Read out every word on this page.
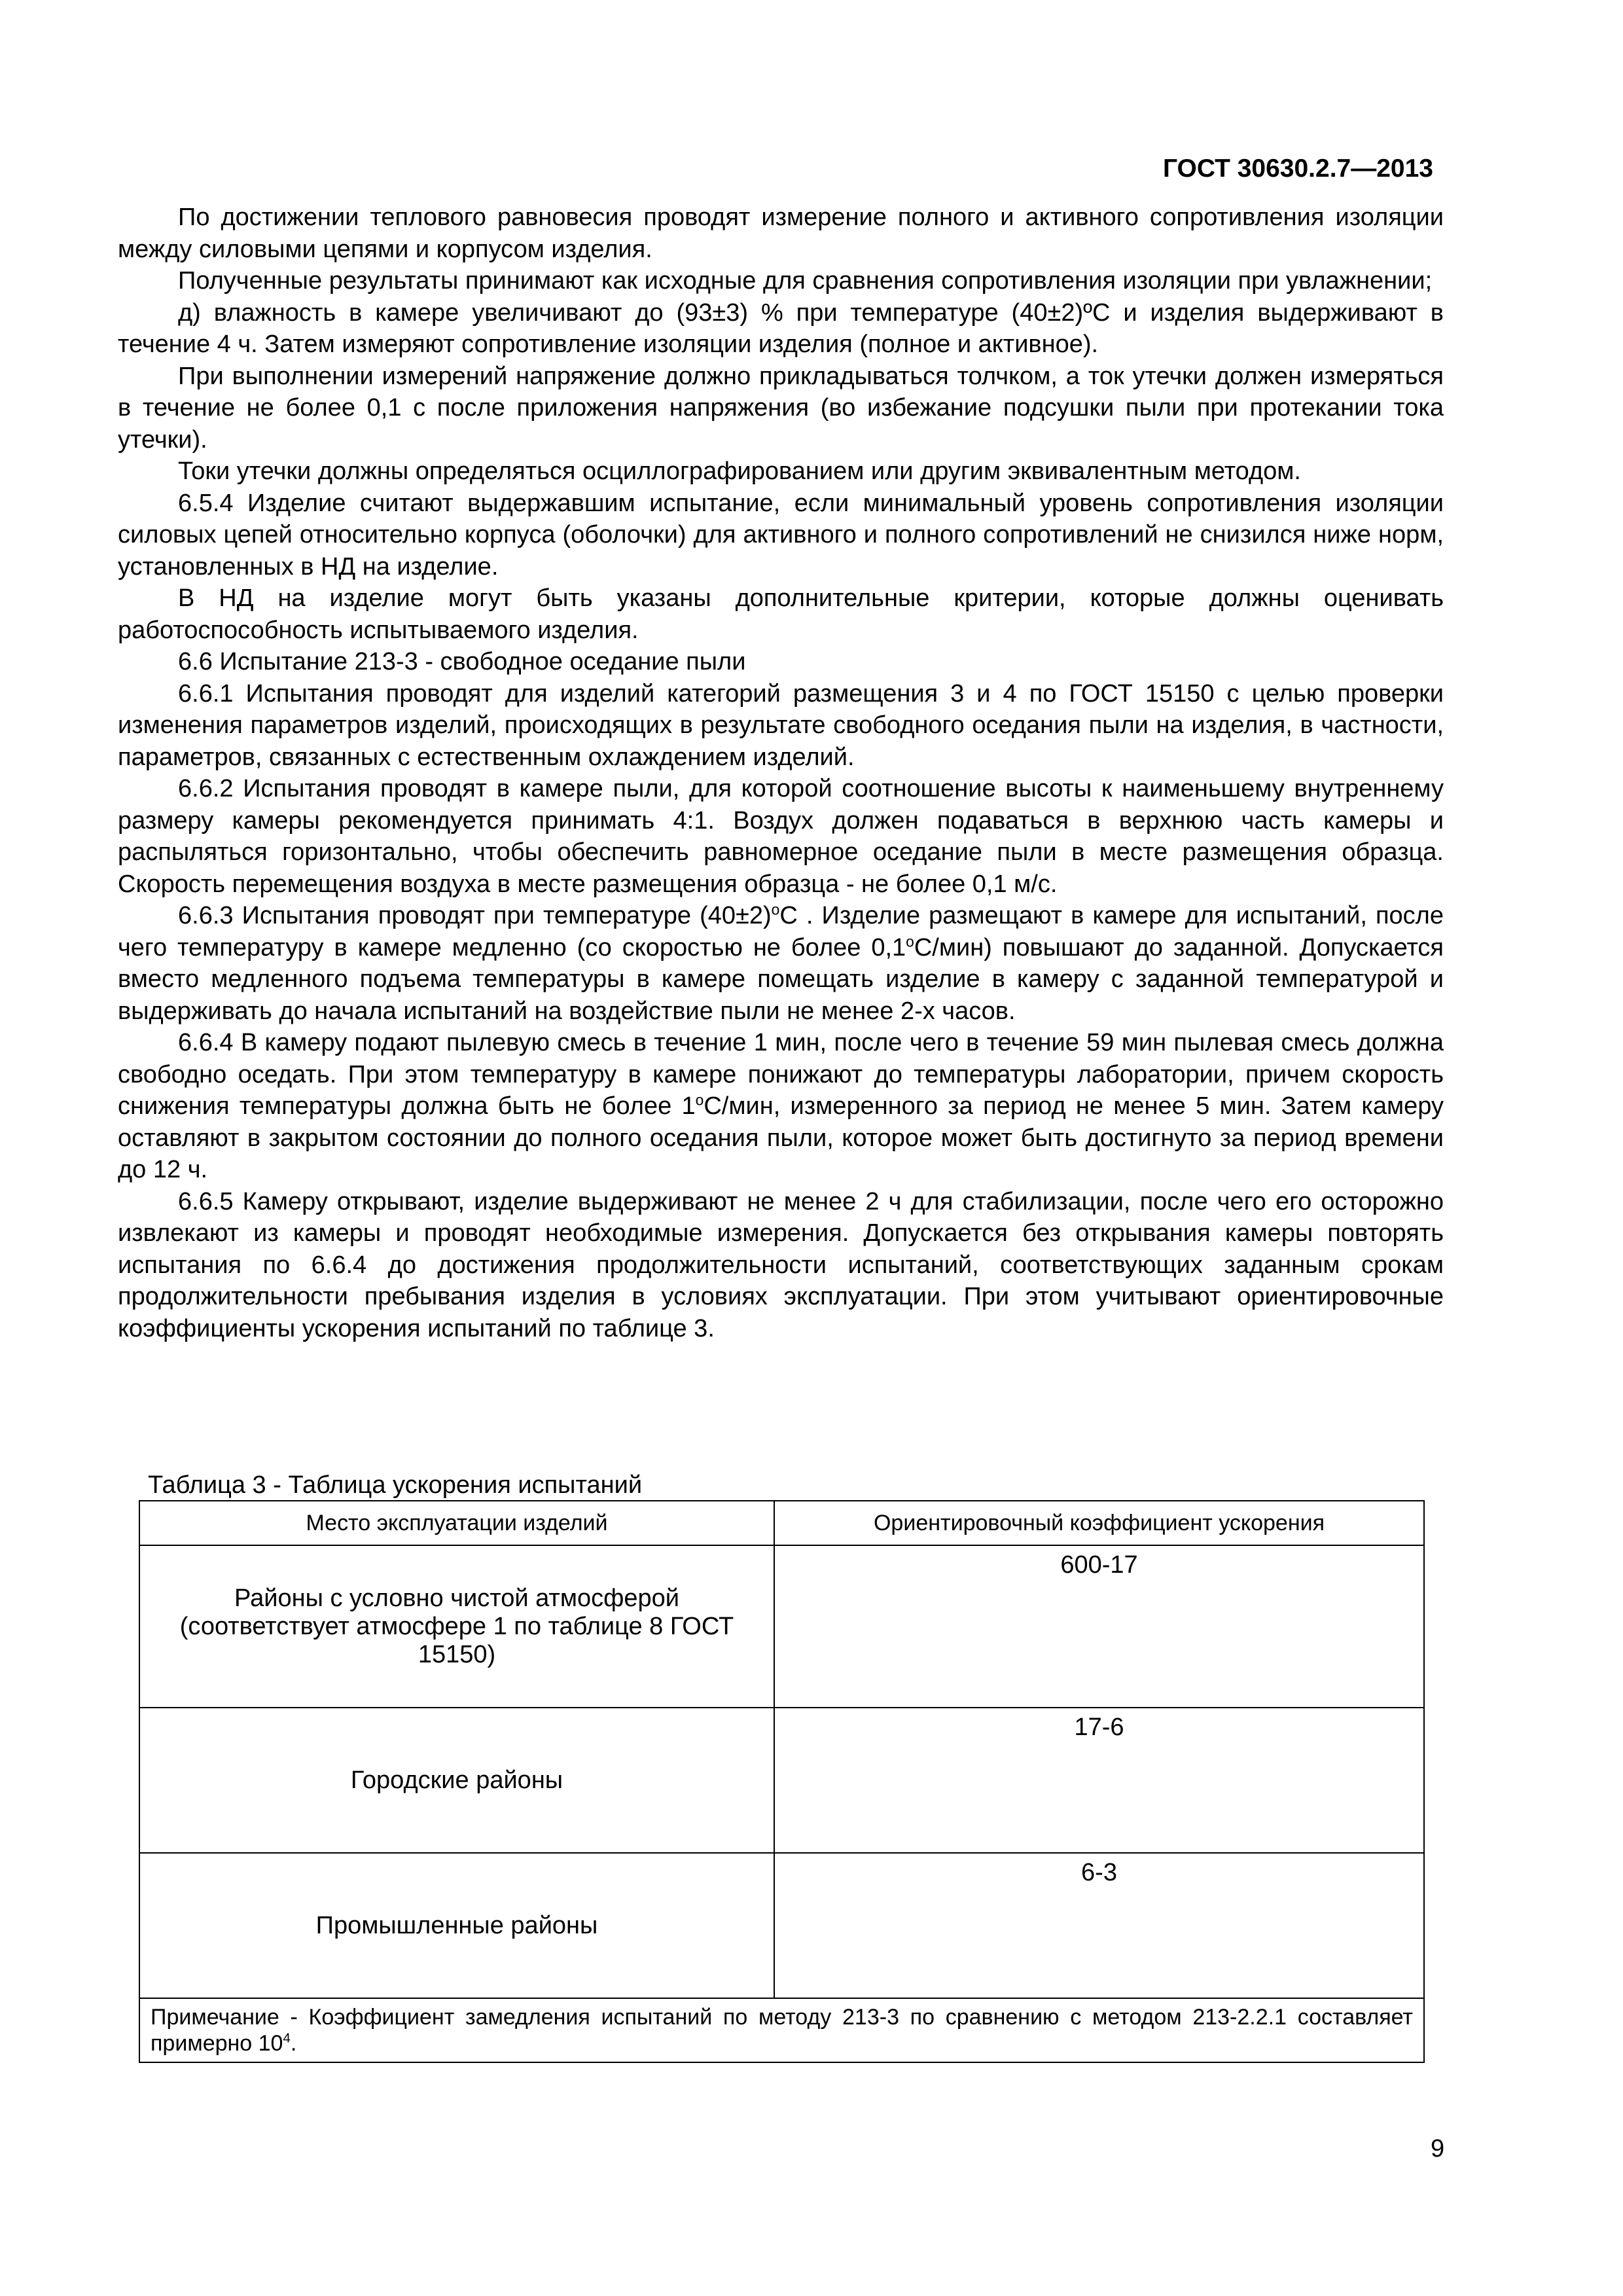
ГОСТ 30630.2.7—2013

По достижении теплового равновесия проводят измерение полного и активного сопротивления изоляции между силовыми цепями и корпусом изделия.

Полученные результаты принимают как исходные для сравнения сопротивления изоляции при увлажнении;

д) влажность в камере увеличивают до (93±3) % при температуре (40±2)ºС и изделия выдерживают в течение 4 ч. Затем измеряют сопротивление изоляции изделия (полное и активное).

При выполнении измерений напряжение должно прикладываться толчком, а ток утечки должен измеряться в течение не более 0,1 с после приложения напряжения (во избежание подсушки пыли при протекании тока утечки).

Токи утечки должны определяться осциллографированием или другим эквивалентным методом.

6.5.4 Изделие считают выдержавшим испытание, если минимальный уровень сопротивления изоляции силовых цепей относительно корпуса (оболочки) для активного и полного сопротивлений не снизился ниже норм, установленных в НД на изделие.

В НД на изделие могут быть указаны дополнительные критерии, которые должны оценивать работоспособность испытываемого изделия.

6.6 Испытание 213-3 - свободное оседание пыли

6.6.1 Испытания проводят для изделий категорий размещения 3 и 4 по ГОСТ 15150 с целью проверки изменения параметров изделий, происходящих в результате свободного оседания пыли на изделия, в частности, параметров, связанных с естественным охлаждением изделий.

6.6.2 Испытания проводят в камере пыли, для которой соотношение высоты к наименьшему внутреннему размеру камеры рекомендуется принимать 4:1. Воздух должен подаваться в верхнюю часть камеры и распыляться горизонтально, чтобы обеспечить равномерное оседание пыли в месте размещения образца. Скорость перемещения воздуха в месте размещения образца - не более 0,1 м/с.

6.6.3 Испытания проводят при температуре $(40\pm 2)^oС$ . Изделие размещают в камере для испытаний, после чего температуру в камере медленно (со скоростью не более 0,1$^o$С/мин) повышают до заданной. Допускается вместо медленного подъема температуры в камере помещать изделие в камеру с заданной температурой и выдерживать до начала испытаний на воздействие пыли не менее 2-х часов.

6.6.4 В камеру подают пылевую смесь в течение 1 мин, после чего в течение 59 мин пылевая смесь должна свободно оседать. При этом температуру в камере понижают до температуры лаборатории, причем скорость снижения температуры должна быть не более 1$^o$С/мин, измеренного за период не менее 5 мин. Затем камеру оставляют в закрытом состоянии до полного оседания пыли, которое может быть достигнуто за период времени до 12 ч.

6.6.5 Камеру открывают, изделие выдерживают не менее 2 ч для стабилизации, после чего его осторожно извлекают из камеры и проводят необходимые измерения. Допускается без открывания камеры повторять испытания по 6.6.4 до достижения продолжительности испытаний, соответствующих заданным срокам продолжительности пребывания изделия в условиях эксплуатации. При этом учитывают ориентировочные коэффициенты ускорения испытаний по таблице 3.

Таблица 3 - Таблица ускорения испытаний
Место эксплуатации изделий	Ориентировочный коэффициент ускорения
Районы с условно чистой атмосферой (соответствует атмосфере 1 по таблице 8 ГОСТ 15150)	600-17
Городские районы	17-6
Промышленные районы	6-3
Примечание - Коэффициент замедления испытаний по методу 213-3 по сравнению с методом 213-2.2.1 составляет примерно $10^4$.	
9
